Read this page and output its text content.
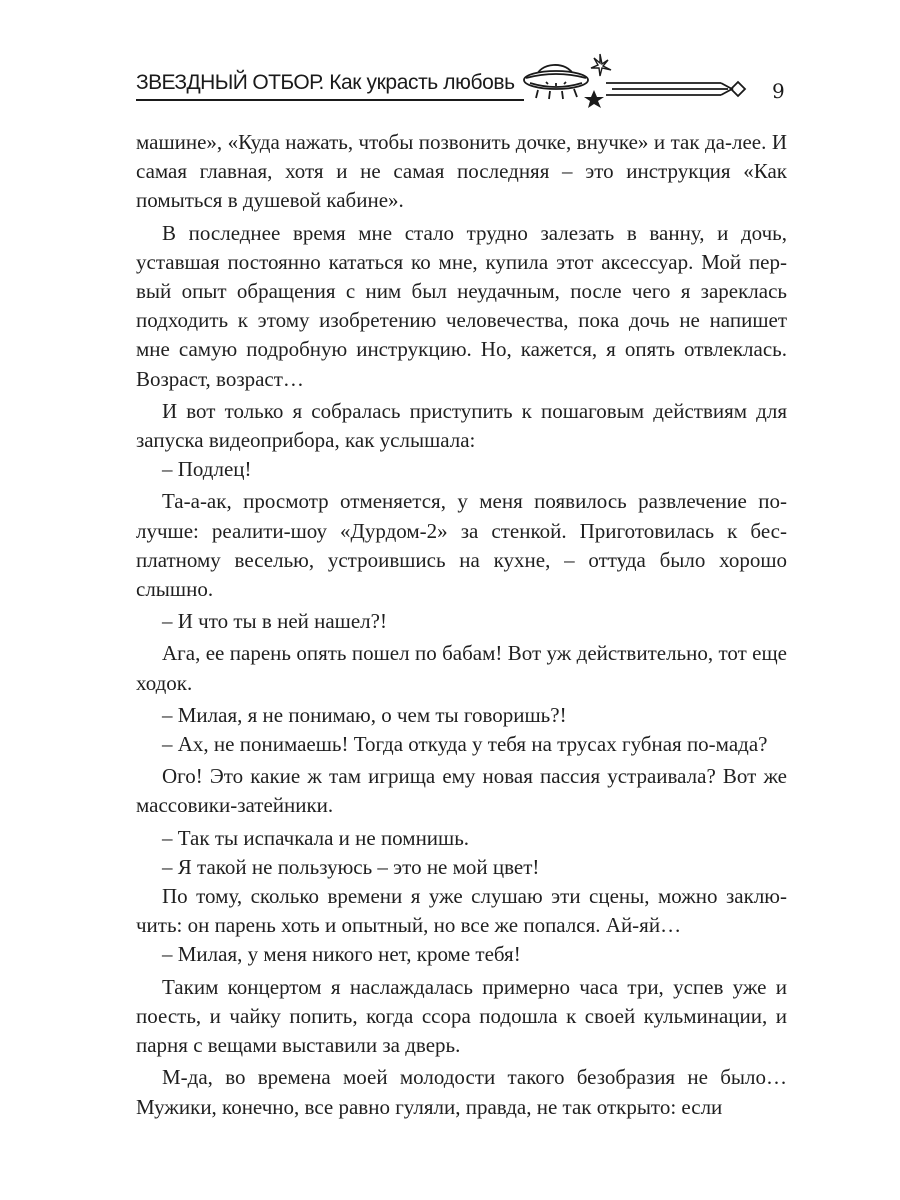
ЗВЕЗДНЫЙ ОТБОР. Как украсть любовь	9

машине», «Куда нажать, чтобы позвонить дочке, внучке» и так да-лее. И самая главная, хотя и не самая последняя – это инструкция «Как помыться в душевой кабине».

В последнее время мне стало трудно залезать в ванну, и дочь, уставшая постоянно кататься ко мне, купила этот аксессуар. Мой пер-вый опыт обращения с ним был неудачным, после чего я зареклась подходить к этому изобретению человечества, пока дочь не напишет мне самую подробную инструкцию. Но, кажется, я опять отвлеклась. Возраст, возраст…

И вот только я собралась приступить к пошаговым действиям для запуска видеоприбора, как услышала:

– Подлец!

Та-а-ак, просмотр отменяется, у меня появилось развлечение по-лучше: реалити-шоу «Дурдом-2» за стенкой. Приготовилась к бес-платному веселью, устроившись на кухне, – оттуда было хорошо слышно.

– И что ты в ней нашел?!

Ага, ее парень опять пошел по бабам! Вот уж действительно, тот еще ходок.

– Милая, я не понимаю, о чем ты говоришь?!

– Ах, не понимаешь! Тогда откуда у тебя на трусах губная по-мада?

Ого! Это какие ж там игрища ему новая пассия устраивала? Вот же массовики-затейники.

– Так ты испачкала и не помнишь.

– Я такой не пользуюсь – это не мой цвет!

По тому, сколько времени я уже слушаю эти сцены, можно заклю-чить: он парень хоть и опытный, но все же попался. Ай-яй…

– Милая, у меня никого нет, кроме тебя!

Таким концертом я наслаждалась примерно часа три, успев уже и поесть, и чайку попить, когда ссора подошла к своей кульминации, и парня с вещами выставили за дверь.

М-да, во времена моей молодости такого безобразия не было… Мужики, конечно, все равно гуляли, правда, не так открыто: если
